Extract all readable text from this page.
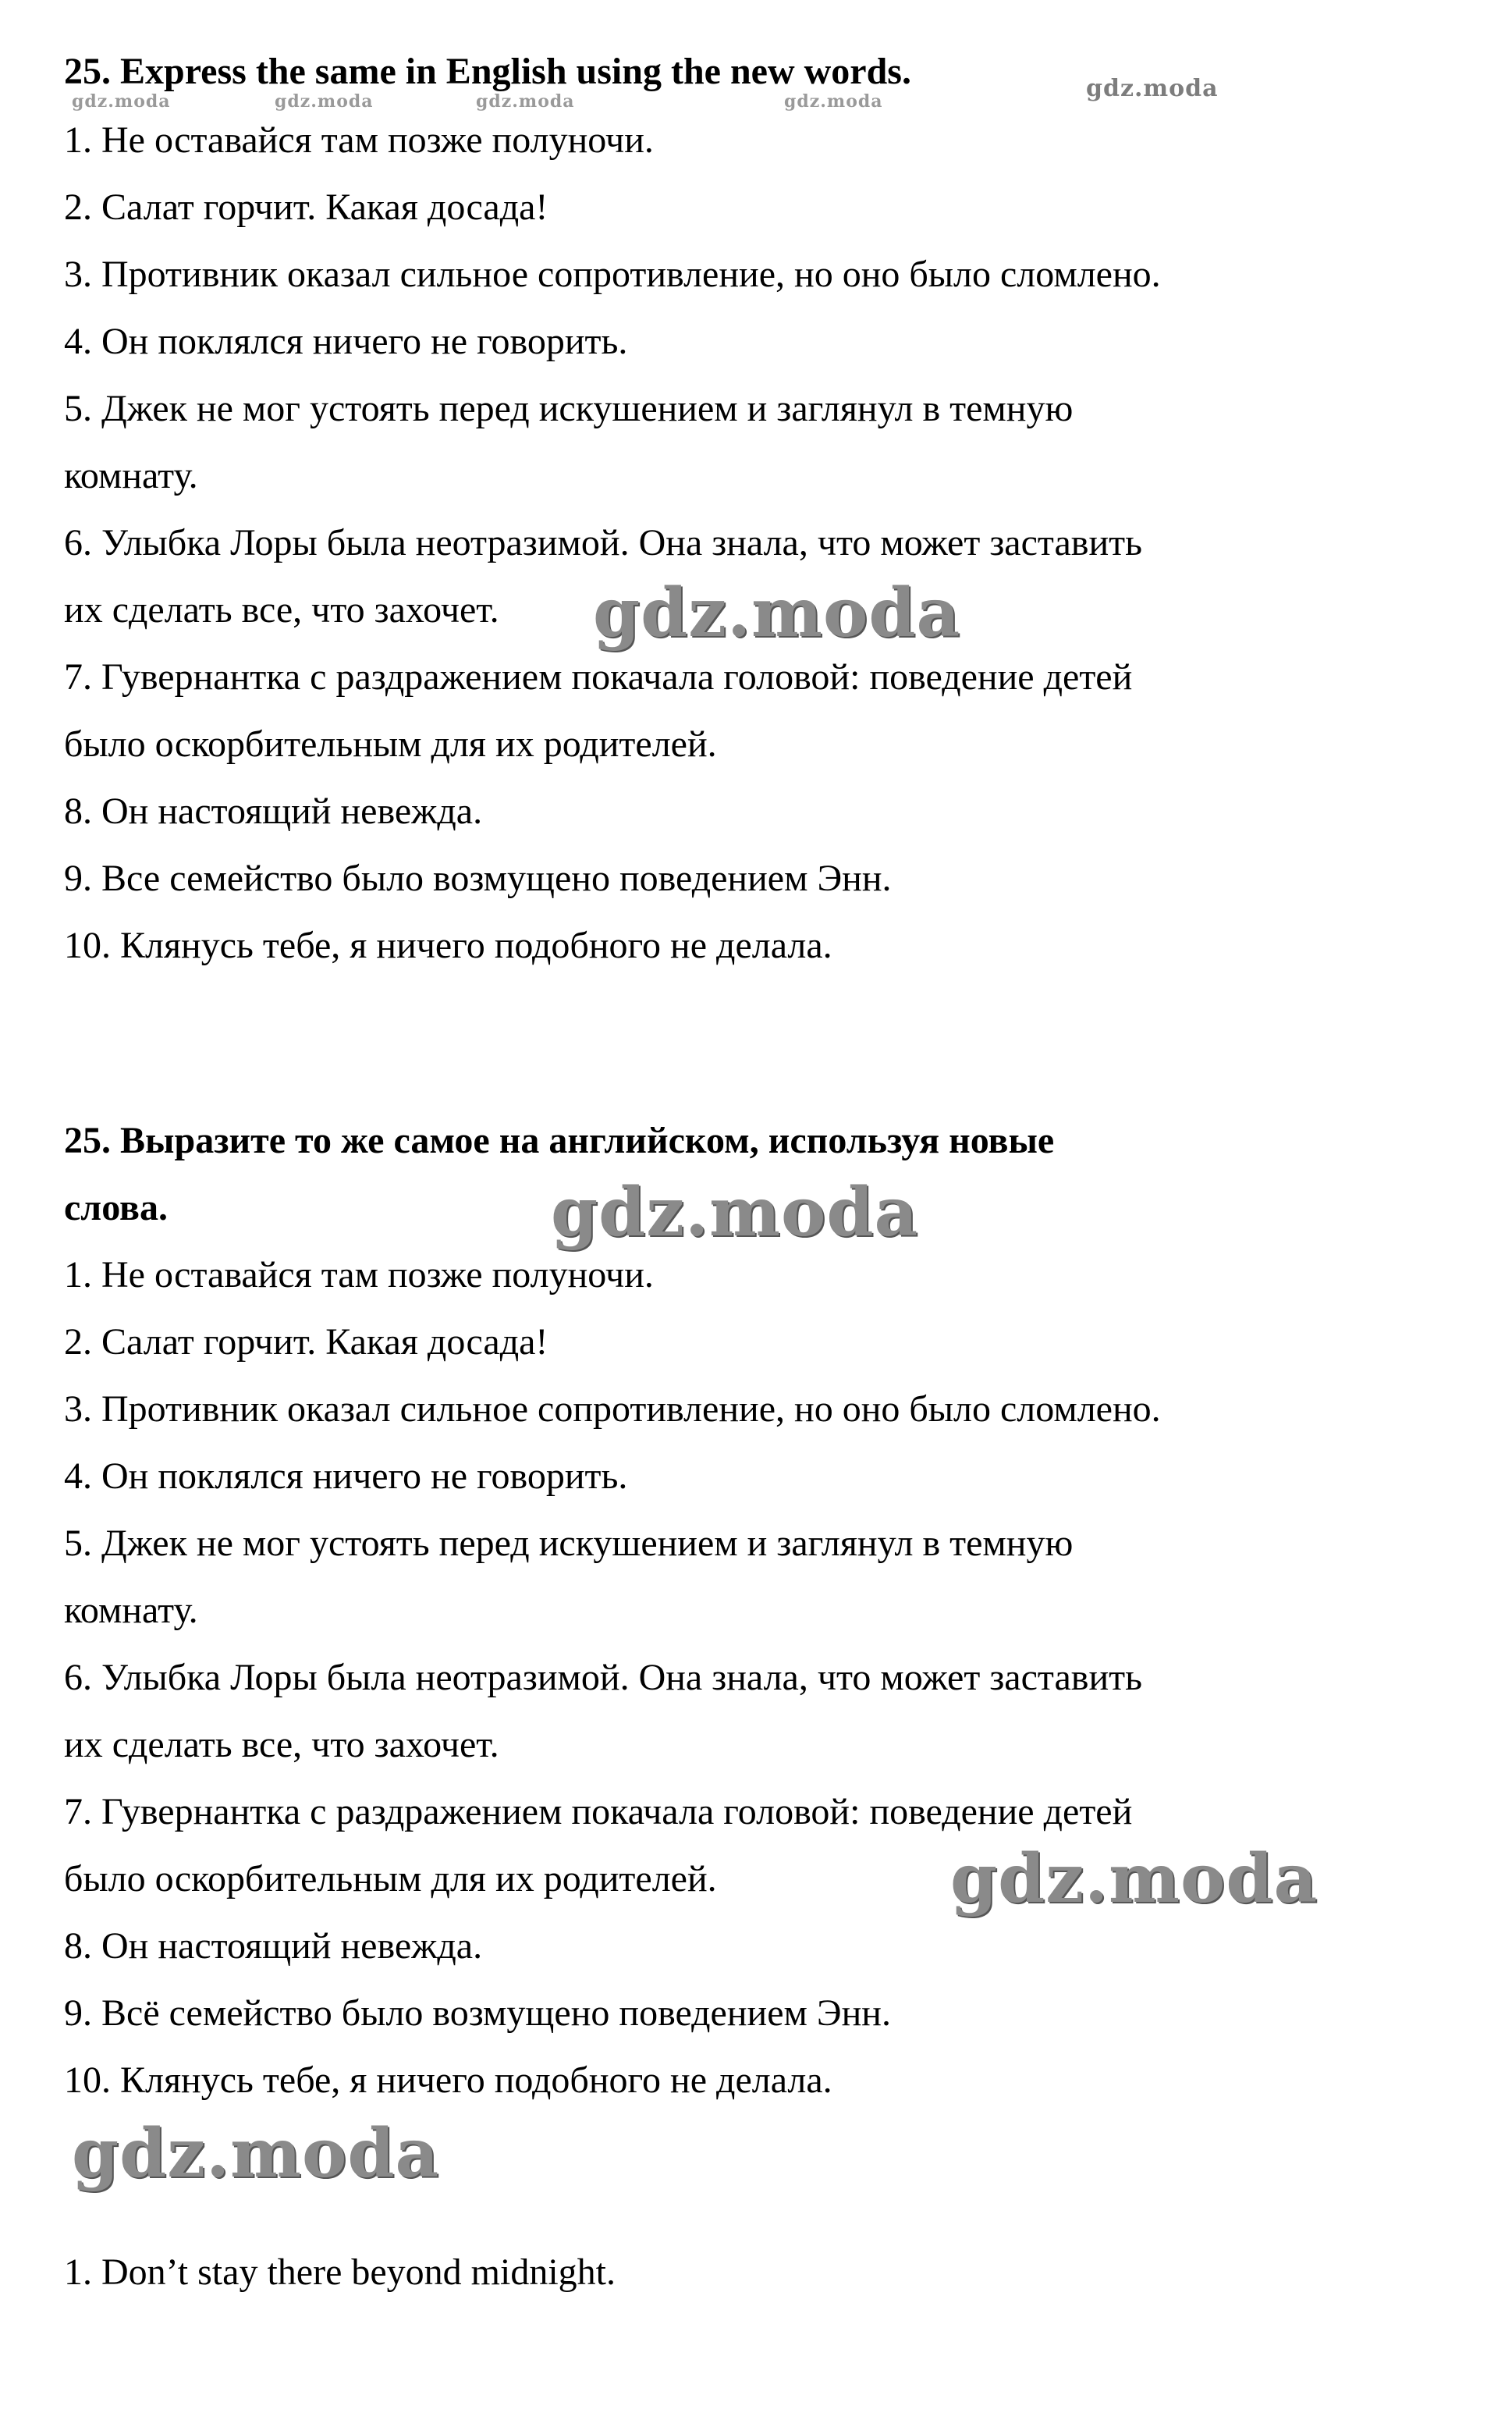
25. Express the same in English using the new words.
gdz.moda	gdz.moda	gdz.moda	gdz.moda	gdz.moda
1. Не оставайся там позже полуночи.
2. Салат горчит. Какая досада!
3. Противник оказал сильное сопротивление, но оно было сломлено.
4. Он поклялся ничего не говорить.
5. Джек не мог устоять перед искушением и заглянул в темную
комнату.
6. Улыбка Лоры была неотразимой. Она знала, что может заставить
их сделать все, что захочет. gdz.moda
7. Гувернантка с раздражением покачала головой: поведение детей
было оскорбительным для их родителей.
8. Он настоящий невежда.
9. Все семейство было возмущено поведением Энн.
10. Клянусь тебе, я ничего подобного не делала.
25. Выразите то же самое на английском, используя новые
слова.	gdz.moda
1. Не оставайся там позже полуночи.
2. Салат горчит. Какая досада!
3. Противник оказал сильное сопротивление, но оно было сломлено.
4. Он поклялся ничего не говорить.
5. Джек не мог устоять перед искушением и заглянул в темную
комнату.
6. Улыбка Лоры была неотразимой. Она знала, что может заставить
их сделать все, что захочет.
7. Гувернантка с раздражением покачала головой: поведение детей
было оскорбительным для их родителей.	gdz.moda
8. Он настоящий невежда.
9. Всё семейство было возмущено поведением Энн.
10. Клянусь тебе, я ничего подобного не делала.
gdz.moda
1. Don’t stay there beyond midnight.
